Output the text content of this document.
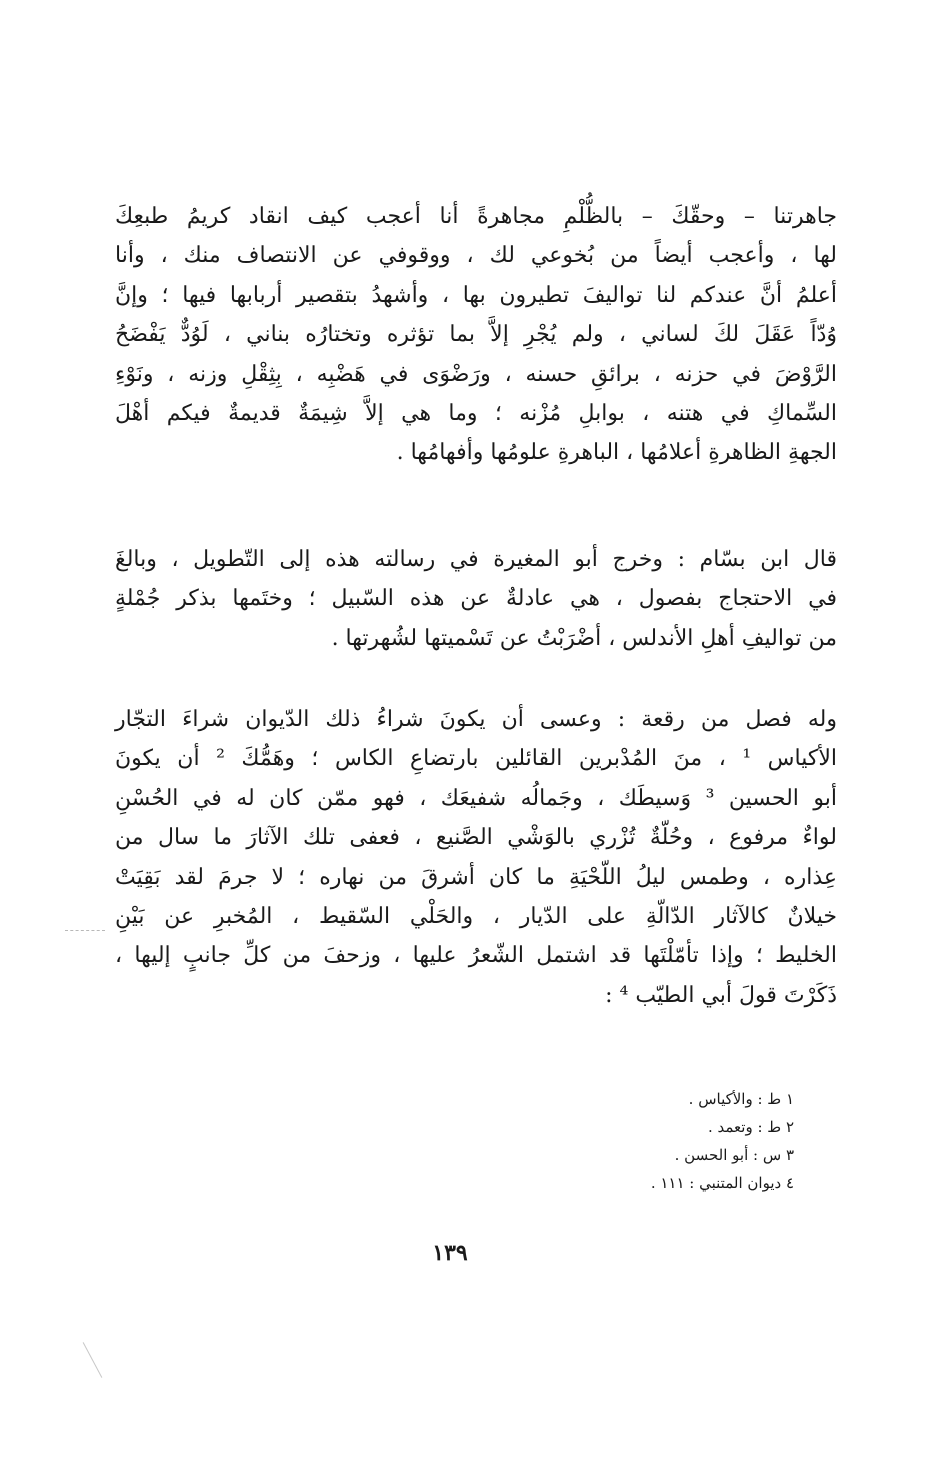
جاهرتنا – وحقّكَ – بالظُّلْمِ مجاهرةً أنا أعجب كيف انقاد كريمُ طبعِكَ
لها ، وأعجب أيضاً من بُخوعي لك ، ووقوفي عن الانتصاف منك ، وأنا
أعلمُ أنَّ عندكم لنا تواليفَ تطيرون بها ، وأشهدُ بتقصير أربابها فيها ؛ وإنَّ
وُدّاً عَقَلَ لكَ لساني ، ولم يُجْرِ إلاَّ بما تؤثره وتختارُه بناني ، لَوُدٌّ يَفْضَحُ
الرَّوْضَ في حزنه ، برائقِ حسنه ، ورَضْوَى في هَضْبِه ، بِثِقْلِ وزنه ، ونَوْءِ
السِّماكِ في هتنه ، بوابلِ مُزْنه ؛ وما هي إلاَّ شِيمَةٌ قديمةٌ فيكم أهْلَ
الجهةِ الظاهرةِ أعلامُها ، الباهرةِ علومُها وأفهامُها .
قال ابن بسّام : وخرج أبو المغيرة في رسالته هذه إلى التّطويل ، وبالغَ
في الاحتجاج بفصول ، هي عادلةٌ عن هذه السّبيل ؛ وختَمها بذكر جُمْلةٍ
من تواليفِ أهلِ الأندلس ، أضْرَبْتُ عن تَسْميتها لشُهرتها .
وله فصل من رقعة : وعسى أن يكونَ شراءُ ذلك الدّيوان شراءَ التجّار
الأكياس ¹ ، منَ المُدْبرين القائلين بارتضاعِ الكاس ؛ وهَمُّكَ ² أن يكونَ
أبو الحسين ³ وَسيطَك ، وجَمالُه شفيعَك ، فهو ممّن كان له في الحُسْنِ
لواءٌ مرفوع ، وحُلّةٌ تُزْري بالوَشْي الصَّنيع ، فعفى تلك الآثارَ ما سال من
عِذاره ، وطمس ليلُ اللّحْيَةِ ما كان أشرقَ من نهاره ؛ لا جرمَ لقد بَقِيَتْ
خيلانٌ كالآثار الدّالّةِ على الدّيار ، والحَلْي السّقيط ، المُخبرِ عن بَيْنِ
الخليط ؛ وإذا تأمّلْتَها قد اشتمل الشّعرُ عليها ، وزحفَ من كلِّ جانبٍ إليها ،
ذَكَرْتَ قولَ أبي الطيّب ⁴ :
١ ط : والأكياس .
٢ ط : وتعمد .
٣ س : أبو الحسن .
٤ ديوان المتنبي : ١١١ .
١٣٩
